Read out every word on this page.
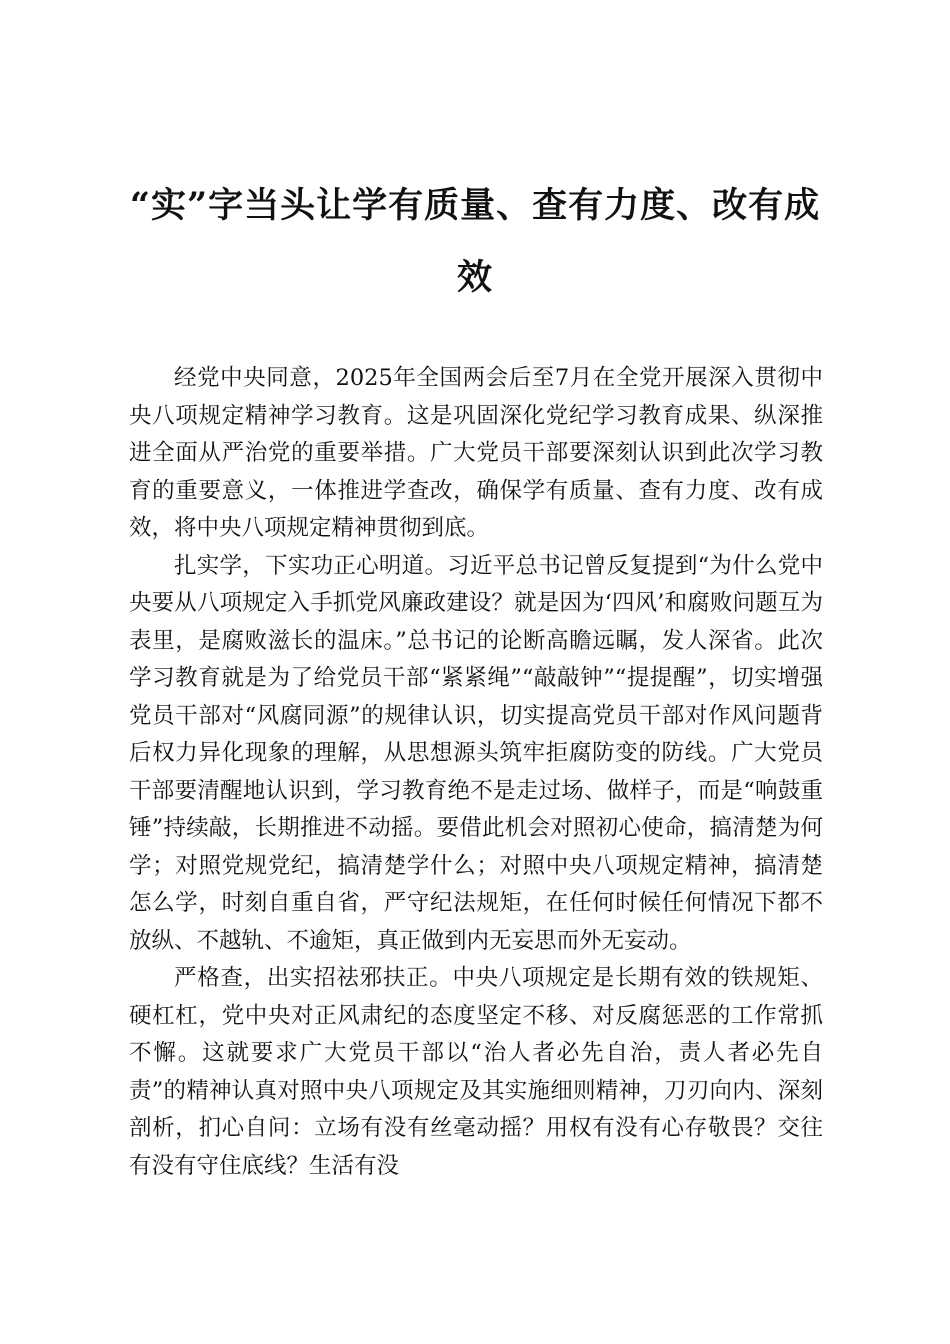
“实”字当头让学有质量、查有力度、改有成效

经党中央同意，2025年全国两会后至7月在全党开展深入贯彻中央八项规定精神学习教育。这是巩固深化党纪学习教育成果、纵深推进全面从严治党的重要举措。广大党员干部要深刻认识到此次学习教育的重要意义，一体推进学查改，确保学有质量、查有力度、改有成效，将中央八项规定精神贯彻到底。

扎实学，下实功正心明道。习近平总书记曾反复提到“为什么党中央要从八项规定入手抓党风廉政建设？就是因为‘四风’和腐败问题互为表里，是腐败滋长的温床。”总书记的论断高瞻远瞩，发人深省。此次学习教育就是为了给党员干部“紧紧绳”“敲敲钟”“提提醒”，切实增强党员干部对“风腐同源”的规律认识，切实提高党员干部对作风问题背后权力异化现象的理解，从思想源头筑牢拒腐防变的防线。广大党员干部要清醒地认识到，学习教育绝不是走过场、做样子，而是“响鼓重锤”持续敲，长期推进不动摇。要借此机会对照初心使命，搞清楚为何学；对照党规党纪，搞清楚学什么；对照中央八项规定精神，搞清楚怎么学，时刻自重自省，严守纪法规矩，在任何时候任何情况下都不放纵、不越轨、不逾矩，真正做到内无妄思而外无妄动。

严格查，出实招祛邪扶正。中央八项规定是长期有效的铁规矩、硬杠杠，党中央对正风肃纪的态度坚定不移、对反腐惩恶的工作常抓不懈。这就要求广大党员干部以“治人者必先自治，责人者必先自责”的精神认真对照中央八项规定及其实施细则精神，刀刃向内、深刻剖析，扪心自问：立场有没有丝毫动摇？用权有没有心存敬畏？交往有没有守住底线？生活有没
